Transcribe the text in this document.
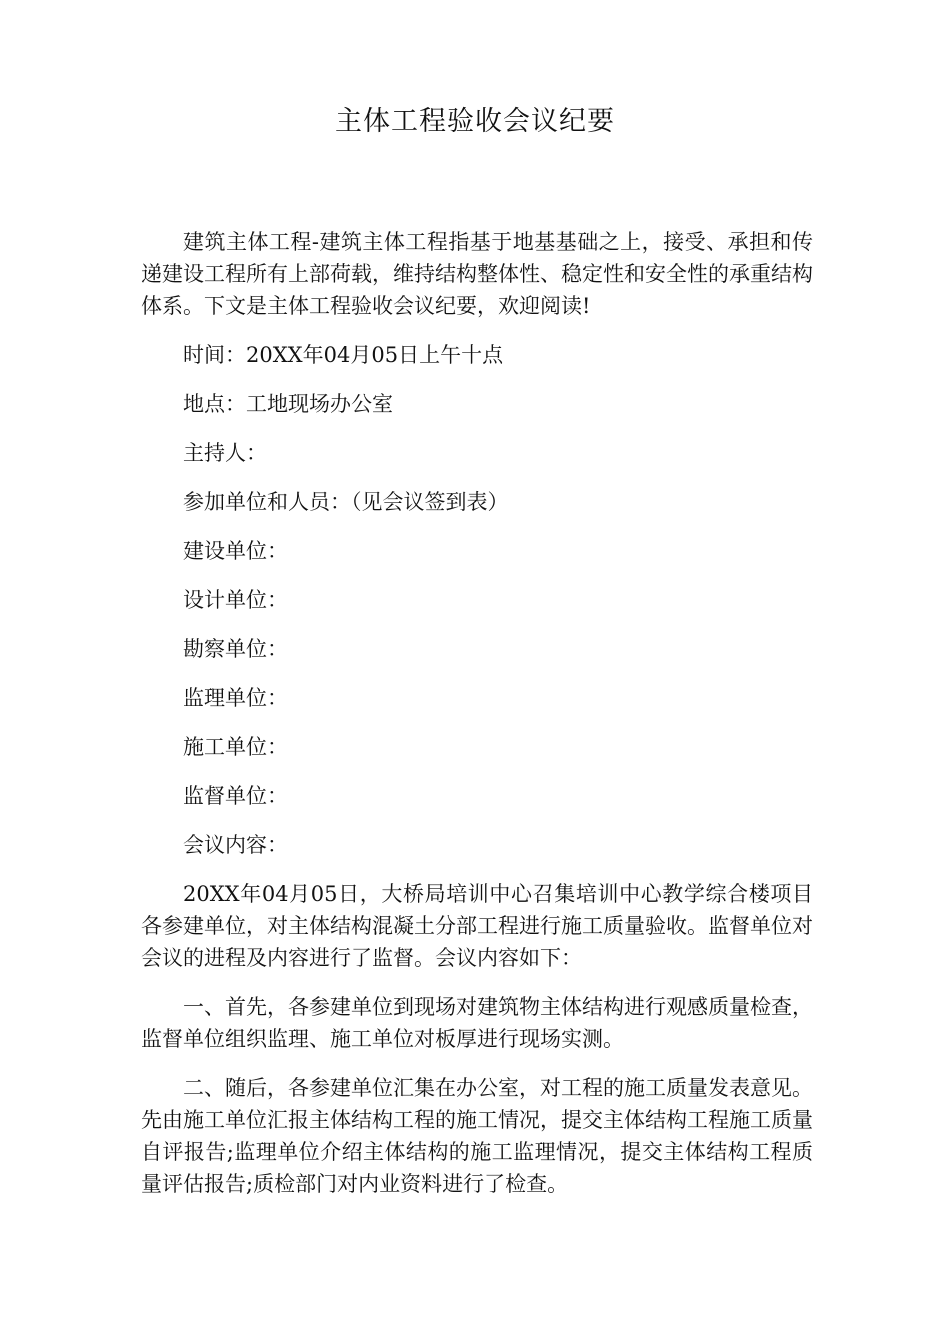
主体工程验收会议纪要

建筑主体工程-建筑主体工程指基于地基基础之上，接受、承担和传递建设工程所有上部荷载，维持结构整体性、稳定性和安全性的承重结构体系。下文是主体工程验收会议纪要，欢迎阅读!

时间：20XX年04月05日上午十点

地点：工地现场办公室

主持人：

参加单位和人员：（见会议签到表）

建设单位：

设计单位：

勘察单位：

监理单位：

施工单位：

监督单位：

会议内容：

20XX年04月05日，大桥局培训中心召集培训中心教学综合楼项目各参建单位，对主体结构混凝土分部工程进行施工质量验收。监督单位对会议的进程及内容进行了监督。会议内容如下：

一、首先，各参建单位到现场对建筑物主体结构进行观感质量检查，监督单位组织监理、施工单位对板厚进行现场实测。

二、随后，各参建单位汇集在办公室，对工程的施工质量发表意见。先由施工单位汇报主体结构工程的施工情况，提交主体结构工程施工质量自评报告;监理单位介绍主体结构的施工监理情况，提交主体结构工程质量评估报告;质检部门对内业资料进行了检查。
